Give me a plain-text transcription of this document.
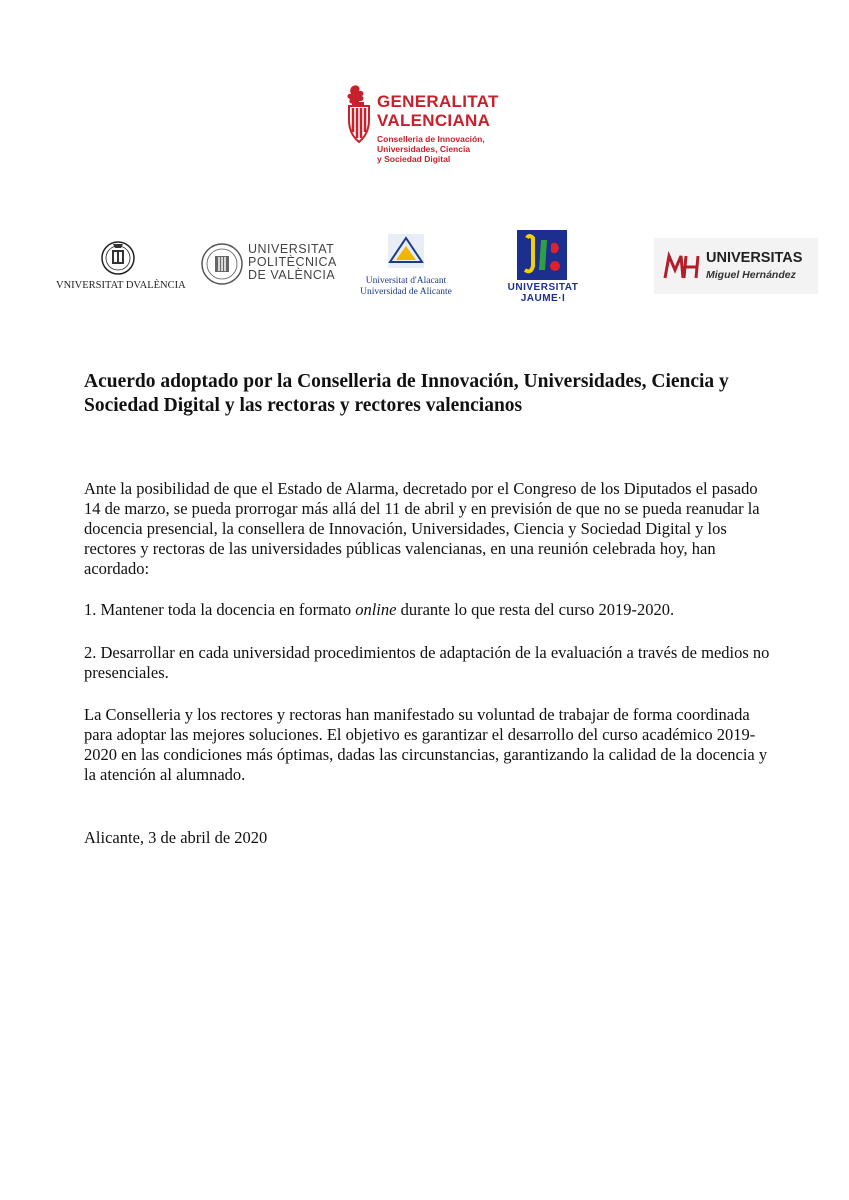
GENERALITAT
VALENCIANA
Conselleria de Innovación,
Universidades, Ciencia
y Sociedad Digital
VNIVERSITAT DVALÈNCIA
UNIVERSITAT
POLITÈCNICA
DE VALÈNCIA	Universitat d'Alacant
Universidad de Alicante	UNIVERSITAT
JAUME·I
UNIVERSITAS
Miguel Hernández
Acuerdo adoptado por la Conselleria de Innovación, Universidades, Ciencia y Sociedad Digital y las rectoras y rectores valencianos

Ante la posibilidad de que el Estado de Alarma, decretado por el Congreso de los Diputados el pasado 14 de marzo, se pueda prorrogar más allá del 11 de abril y en previsión de que no se pueda reanudar la docencia presencial, la consellera de Innovación, Universidades, Ciencia y Sociedad Digital y los rectores y rectoras de las universidades públicas valencianas, en una reunión celebrada hoy, han acordado:

1. Mantener toda la docencia en formato online durante lo que resta del curso 2019-2020.

2. Desarrollar en cada universidad procedimientos de adaptación de la evaluación a través de medios no presenciales.

La Conselleria y los rectores y rectoras han manifestado su voluntad de trabajar de forma coordinada para adoptar las mejores soluciones. El objetivo es garantizar el desarrollo del curso académico 2019-2020 en las condiciones más óptimas, dadas las circunstancias, garantizando la calidad de la docencia y la atención al alumnado.

Alicante, 3 de abril de 2020
